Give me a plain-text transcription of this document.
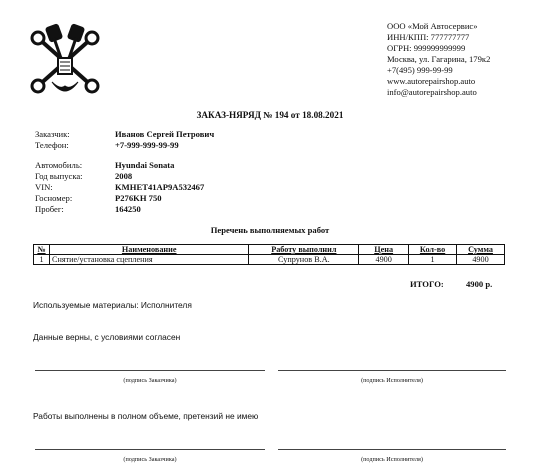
ООО «Мой Автосервис»
ИНН/КПП: 777777777
ОГРН: 999999999999
Москва, ул. Гагарина, 179к2
+7(495) 999-99-99
www.autorepairshop.auto
info@autorepairshop.auto
ЗАКАЗ-НЯРЯД № 194 от 18.08.2021
Заказчик:	Иванов Сергей Петрович
Телефон:	+7-999-999-99-99
Автомобиль:	Hyundai Sonata
Год выпуска:	2008
VIN:	KMHET41AP9A532467
Госномер:	P276KH 750
Пробег:	164250
Перечень выполняемых работ
№	Наименование	Работу выполнил	Цена	Кол-во	Сумма
1	Снятие/установка сцепления	Супрунов В.А.	4900	1	4900
ИТОГО:	4900 р.
Используемые материалы: Исполнителя
Данные верны, с условиями согласен
(подпись Заказчика)	(подпись Исполнителя)
Работы выполнены в полном объеме, претензий не имею
(подпись Заказчика)	(подпись Исполнителя)
